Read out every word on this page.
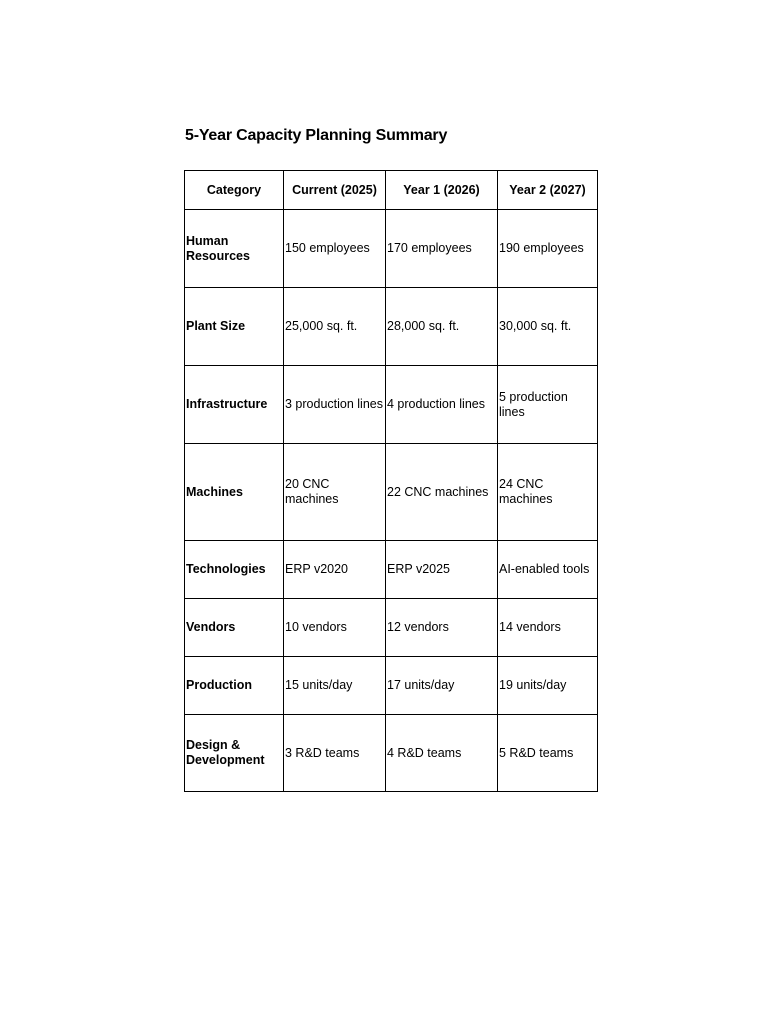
5-Year Capacity Planning Summary
Category	Current (2025)	Year 1 (2026)	Year 2 (2027)
Human Resources	150 employees	170 employees	190 employees
Plant Size	25,000 sq. ft.	28,000 sq. ft.	30,000 sq. ft.
Infrastructure	3 production lines	4 production lines	5 production lines
Machines	20 CNC machines	22 CNC machines	24 CNC machines
Technologies	ERP v2020	ERP v2025	AI-enabled tools
Vendors	10 vendors	12 vendors	14 vendors
Production	15 units/day	17 units/day	19 units/day
Design & Development	3 R&D teams	4 R&D teams	5 R&D teams
